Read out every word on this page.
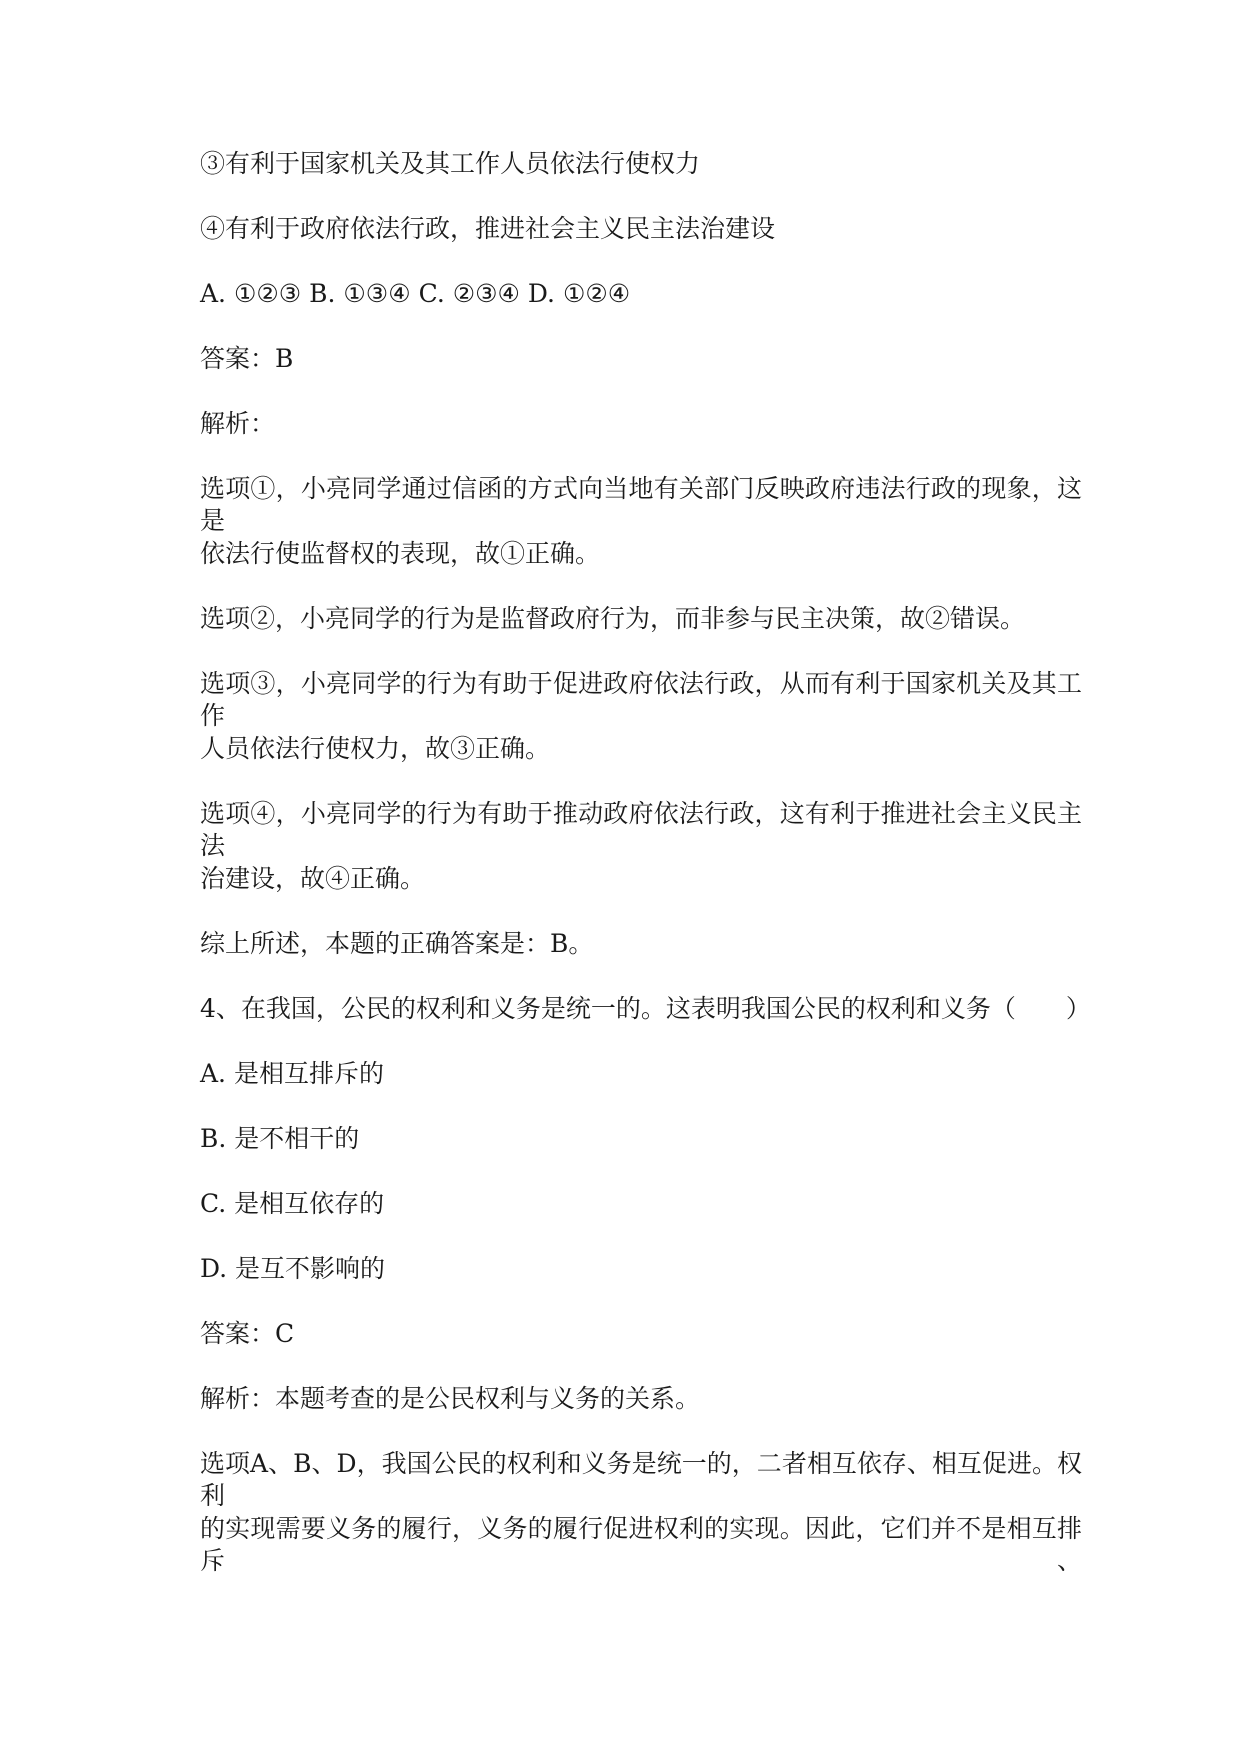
③有利于国家机关及其工作人员依法行使权力
④有利于政府依法行政，推进社会主义民主法治建设
A. ①②③ B. ①③④ C. ②③④ D. ①②④
答案：B
解析：
选项①，小亮同学通过信函的方式向当地有关部门反映政府违法行政的现象，这是
依法行使监督权的表现，故①正确。
选项②，小亮同学的行为是监督政府行为，而非参与民主决策，故②错误。
选项③，小亮同学的行为有助于促进政府依法行政，从而有利于国家机关及其工作
人员依法行使权力，故③正确。
选项④，小亮同学的行为有助于推动政府依法行政，这有利于推进社会主义民主法
治建设，故④正确。
综上所述，本题的正确答案是：B。
4、在我国，公民的权利和义务是统一的。这表明我国公民的权利和义务（　　）
A. 是相互排斥的
B. 是不相干的
C. 是相互依存的
D. 是互不影响的
答案：C
解析：本题考查的是公民权利与义务的关系。
选项A、B、D，我国公民的权利和义务是统一的，二者相互依存、相互促进。权利
的实现需要义务的履行，义务的履行促进权利的实现。因此，它们并不是相互排斥、
